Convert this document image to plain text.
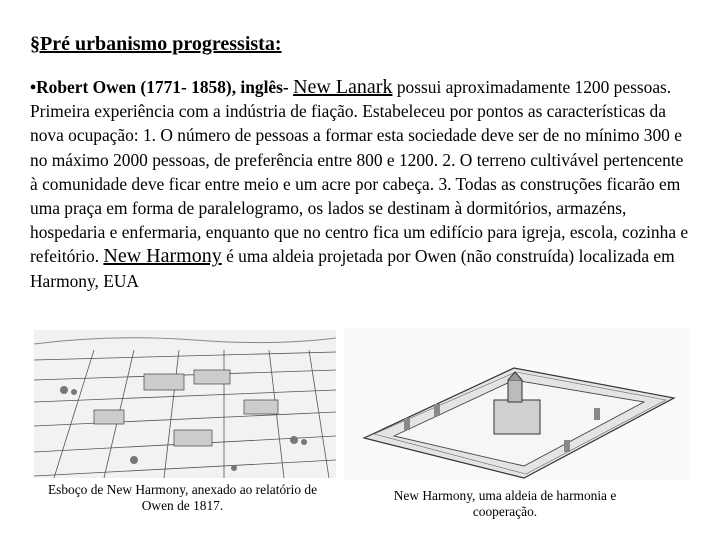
§Pré urbanismo progressista:
•Robert Owen (1771- 1858), inglês- New Lanark possui aproximadamente 1200 pessoas. Primeira experiência com a indústria de fiação. Estabeleceu por pontos as características da nova ocupação: 1. O número de pessoas a formar esta sociedade deve ser de no mínimo 300 e no máximo 2000 pessoas, de preferência entre 800 e 1200. 2. O terreno cultivável pertencente à comunidade deve ficar entre meio e um acre por cabeça. 3. Todas as construções ficarão em uma praça em forma de paralelogramo, os lados se destinam à dormitórios, armazéns, hospedaria e enfermaria, enquanto que no centro fica um edifício para igreja, escola, cozinha e refeitório. New Harmony é uma aldeia projetada por Owen (não construída) localizada em Harmony, EUA
Esboço de New Harmony, anexado ao relatório de Owen de 1817.
New Harmony, uma aldeia de harmonia e cooperação.
